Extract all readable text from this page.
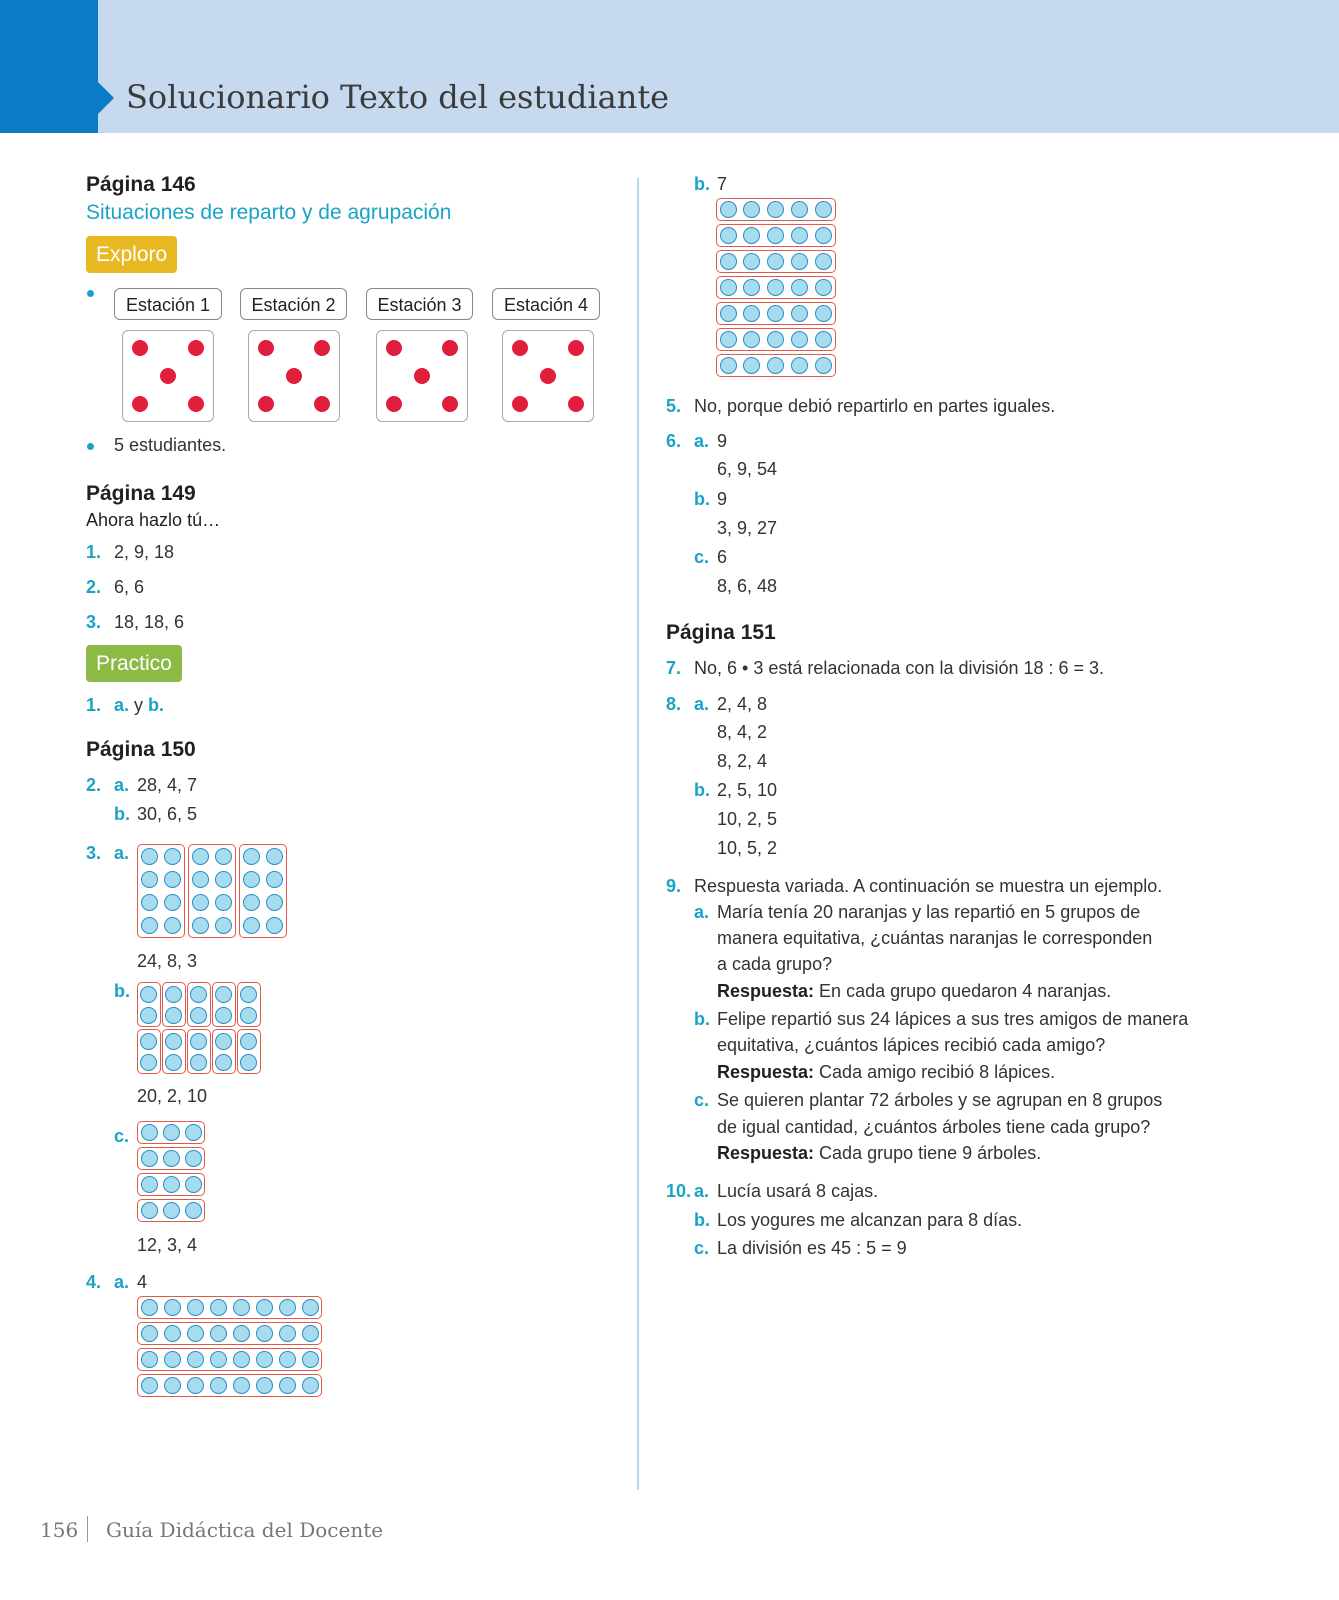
Solucionario Texto del estudiante
Página 146
Situaciones de reparto y de agrupación
Exploro
Estación 1	Estación 2	Estación 3	Estación 4
5 estudiantes.
Página 149
Ahora hazlo tú…
1. 2, 9, 18
2. 6, 6
3. 18, 18, 6
Practico
1. a. y b.
Página 150
2. a. 28, 4, 7
b. 30, 6, 5
3. a.
24, 8, 3
b.
20, 2, 10
c.
12, 3, 4
4. a. 4
b. 7
5. No, porque debió repartirlo en partes iguales.
6. a. 9
6, 9, 54
b. 9
3, 9, 27
c. 6
8, 6, 48
Página 151
7. No, 6 • 3 está relacionada con la división 18 : 6 = 3.
8. a. 2, 4, 8
8, 4, 2
8, 2, 4
b. 2, 5, 10
10, 2, 5
10, 5, 2
9. Respuesta variada. A continuación se muestra un ejemplo.
a. María tenía 20 naranjas y las repartió en 5 grupos de
manera equitativa, ¿cuántas naranjas le corresponden
a cada grupo?
Respuesta: En cada grupo quedaron 4 naranjas.
b. Felipe repartió sus 24 lápices a sus tres amigos de manera
equitativa, ¿cuántos lápices recibió cada amigo?
Respuesta: Cada amigo recibió 8 lápices.
c. Se quieren plantar 72 árboles y se agrupan en 8 grupos
de igual cantidad, ¿cuántos árboles tiene cada grupo?
Respuesta: Cada grupo tiene 9 árboles.
10. a. Lucía usará 8 cajas.
b. Los yogures me alcanzan para 8 días.
c. La división es 45 : 5 = 9
156 Guía Didáctica del Docente
